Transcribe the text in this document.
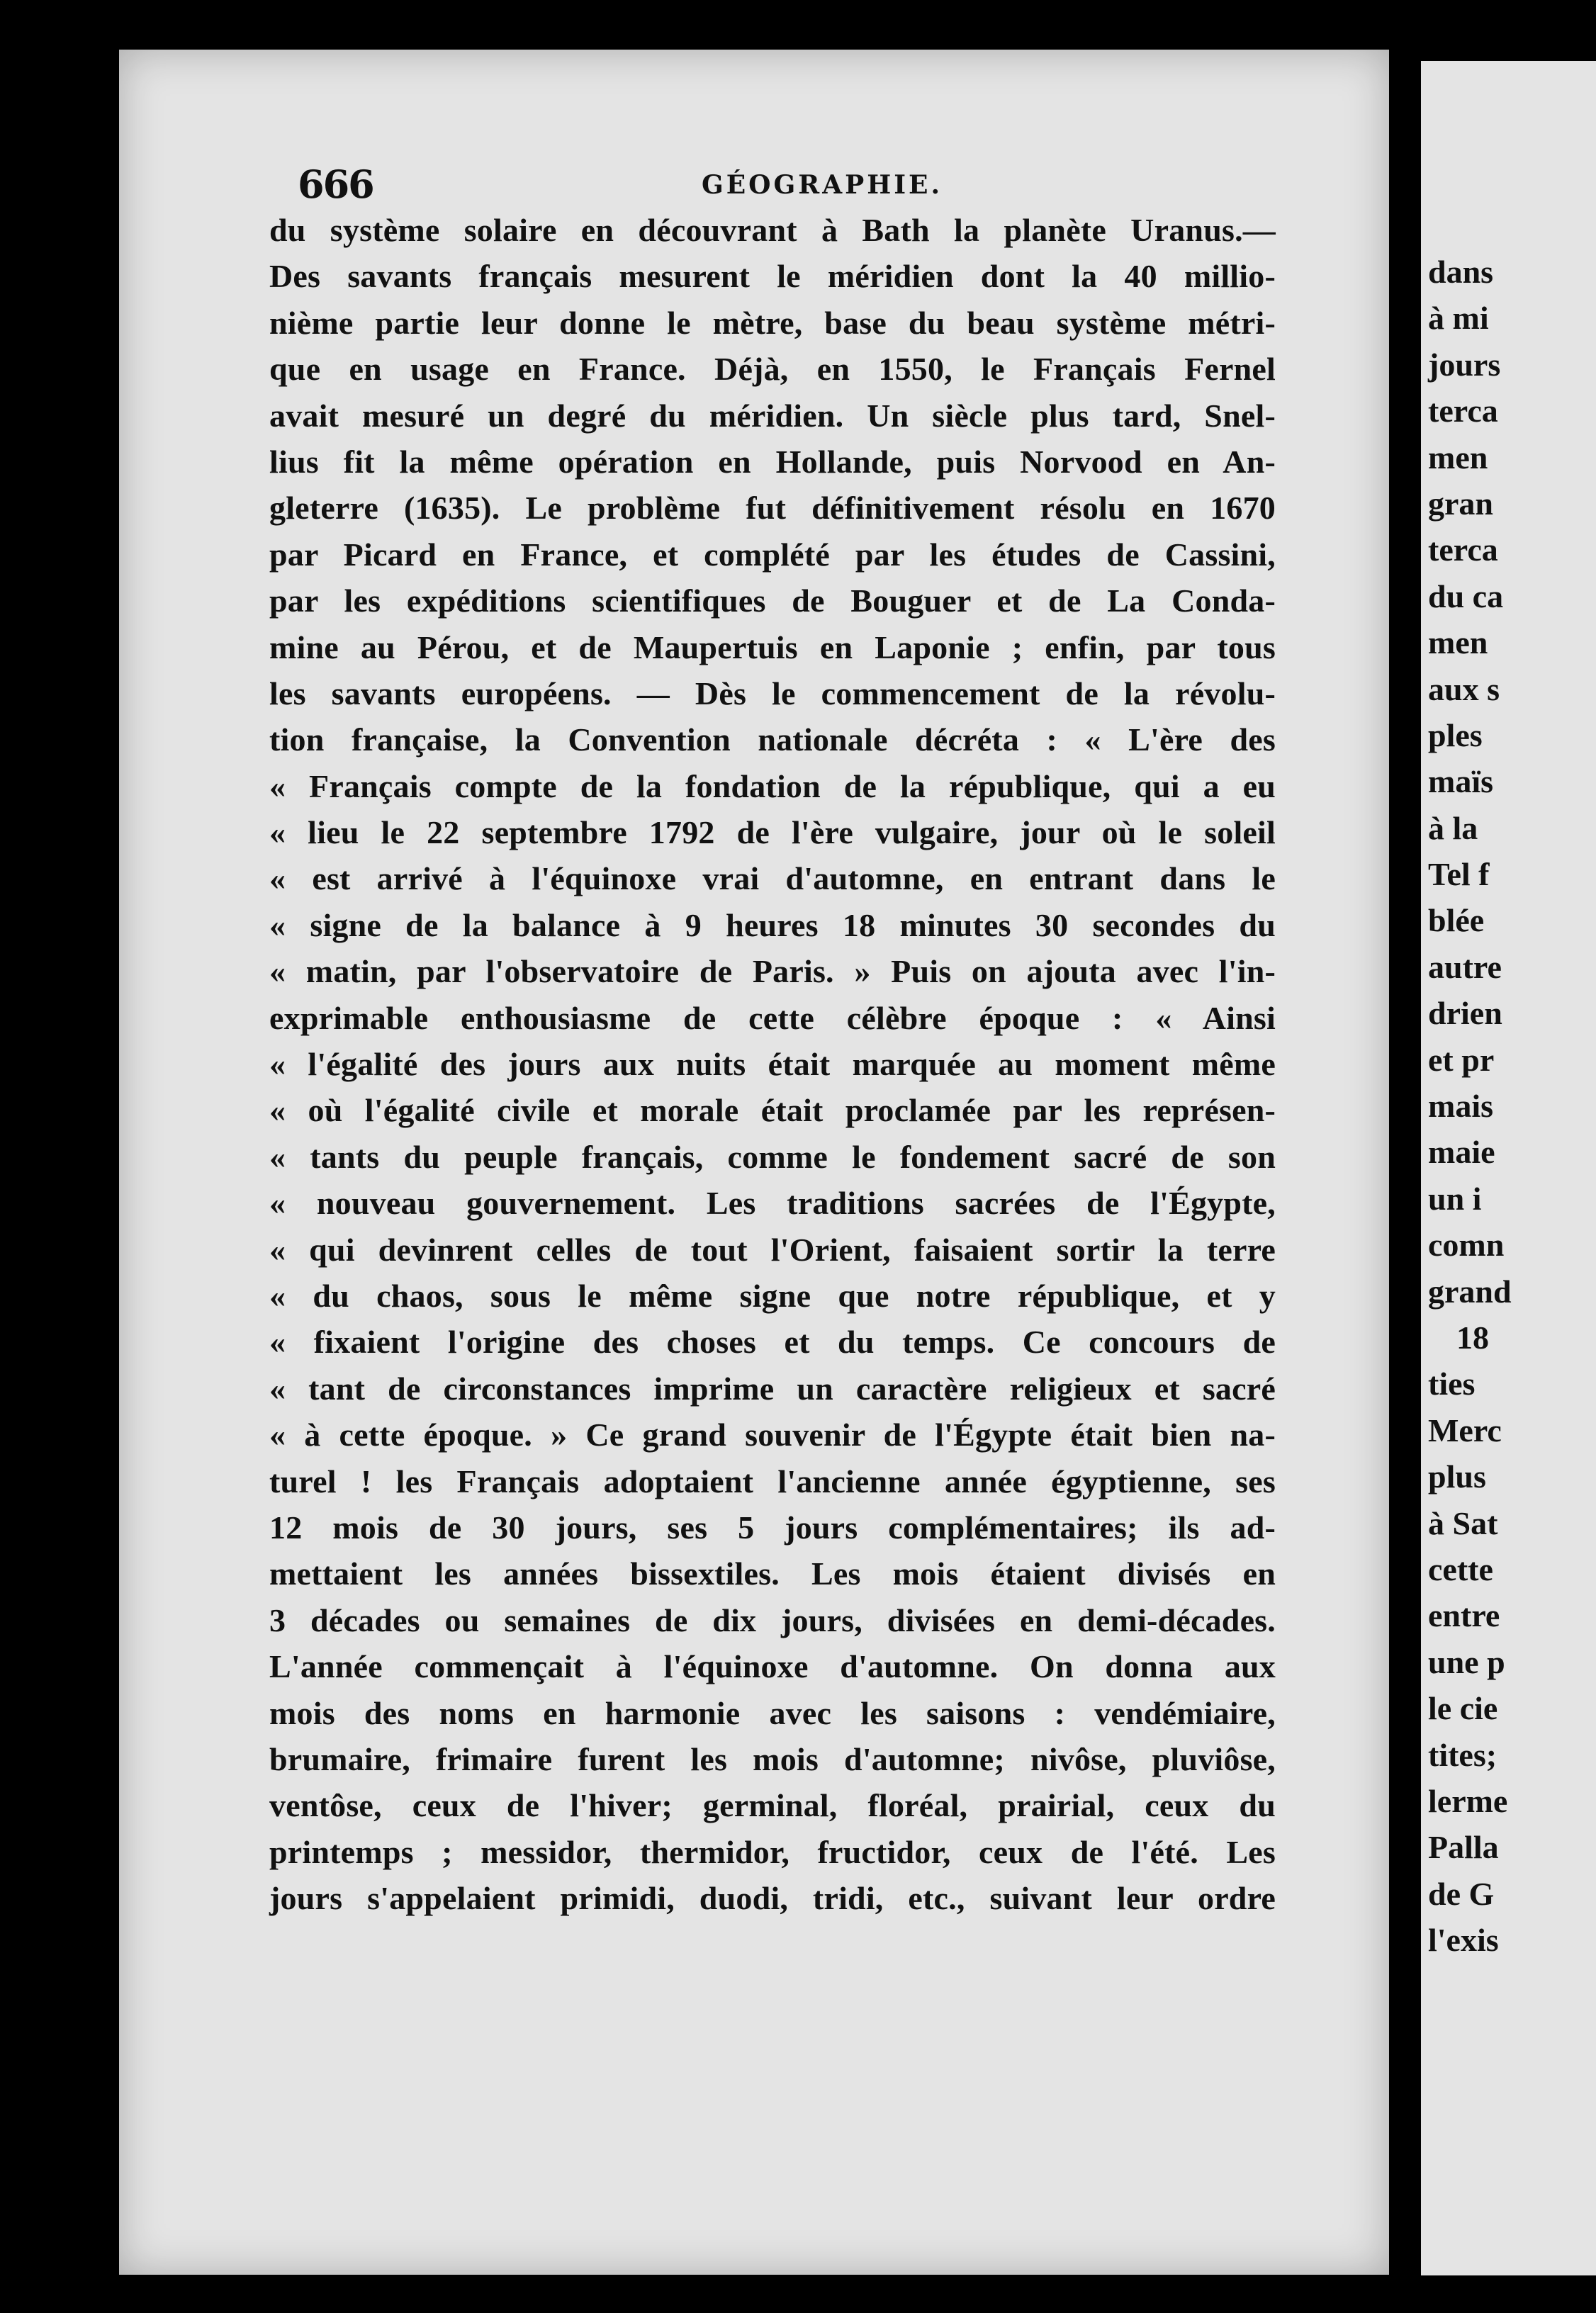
dans
à mi
jours
terca
men
gran
terca
du ca
men
aux s
ples
maïs
à la
Tel f
blée
autre
drien
et pr
mais
maie
un i
comn
grand
18
ties
Merc
plus
à Sat
cette
entre
une p
le cie
tites;
lerme
Palla
de G
l'exis
666	GÉOGRAPHIE.
du système solaire en découvrant à Bath la planète Uranus.—
Des savants français mesurent le méridien dont la 40 millio-
nième partie leur donne le mètre, base du beau système métri-
que en usage en France. Déjà, en 1550, le Français Fernel
avait mesuré un degré du méridien. Un siècle plus tard, Snel-
lius fit la même opération en Hollande, puis Norvood en An-
gleterre (1635). Le problème fut définitivement résolu en 1670
par Picard en France, et complété par les études de Cassini,
par les expéditions scientifiques de Bouguer et de La Conda-
mine au Pérou, et de Maupertuis en Laponie ; enfin, par tous
les savants européens. — Dès le commencement de la révolu-
tion française, la Convention nationale décréta : « L'ère des
« Français compte de la fondation de la république, qui a eu
« lieu le 22 septembre 1792 de l'ère vulgaire, jour où le soleil
« est arrivé à l'équinoxe vrai d'automne, en entrant dans le
« signe de la balance à 9 heures 18 minutes 30 secondes du
« matin, par l'observatoire de Paris. » Puis on ajouta avec l'in-
exprimable enthousiasme de cette célèbre époque : « Ainsi
« l'égalité des jours aux nuits était marquée au moment même
« où l'égalité civile et morale était proclamée par les représen-
« tants du peuple français, comme le fondement sacré de son
« nouveau gouvernement. Les traditions sacrées de l'Égypte,
« qui devinrent celles de tout l'Orient, faisaient sortir la terre
« du chaos, sous le même signe que notre république, et y
« fixaient l'origine des choses et du temps. Ce concours de
« tant de circonstances imprime un caractère religieux et sacré
« à cette époque. » Ce grand souvenir de l'Égypte était bien na-
turel ! les Français adoptaient l'ancienne année égyptienne, ses
12 mois de 30 jours, ses 5 jours complémentaires; ils ad-
mettaient les années bissextiles. Les mois étaient divisés en
3 décades ou semaines de dix jours, divisées en demi-décades.
L'année commençait à l'équinoxe d'automne. On donna aux
mois des noms en harmonie avec les saisons : vendémiaire,
brumaire, frimaire furent les mois d'automne; nivôse, pluviôse,
ventôse, ceux de l'hiver; germinal, floréal, prairial, ceux du
printemps ; messidor, thermidor, fructidor, ceux de l'été. Les
jours s'appelaient primidi, duodi, tridi, etc., suivant leur ordre
